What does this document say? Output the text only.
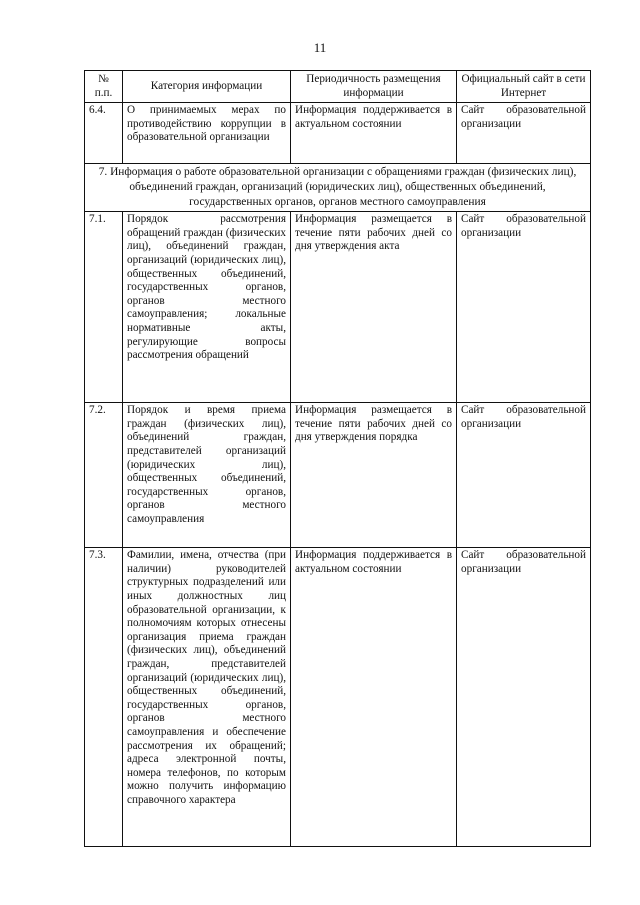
11
№ п.п.	Категория информации	Периодичность размещения информации	Официальный сайт в сети Интернет
6.4.	О принимаемых мерах по противодействию коррупции в образовательной организации	Информация поддерживается в актуальном состоянии	Сайт образовательной организации
7. Информация о работе образовательной организации с обращениями граждан (физических лиц), объединений граждан, организаций (юридических лиц), общественных объединений, государственных органов, органов местного самоуправления			
7.1.	Порядок рассмотрения обращений граждан (физических лиц), объединений граждан, организаций (юридических лиц), общественных объединений, государственных органов, органов местного самоуправления; локальные нормативные акты, регулирующие вопросы рассмотрения обращений	Информация размещается в течение пяти рабочих дней со дня утверждения акта	Сайт образовательной организации
7.2.	Порядок и время приема граждан (физических лиц), объединений граждан, представителей организаций (юридических лиц), общественных объединений, государственных органов, органов местного самоуправления	Информация размещается в течение пяти рабочих дней со дня утверждения порядка	Сайт образовательной организации
7.3.	Фамилии, имена, отчества (при наличии) руководителей структурных подразделений или иных должностных лиц образовательной организации, к полномочиям которых отнесены организация приема граждан (физических лиц), объединений граждан, представителей организаций (юридических лиц), общественных объединений, государственных органов, органов местного самоуправления и обеспечение рассмотрения их обращений; адреса электронной почты, номера телефонов, по которым можно получить информацию справочного характера	Информация поддерживается в актуальном состоянии	Сайт образовательной организации
